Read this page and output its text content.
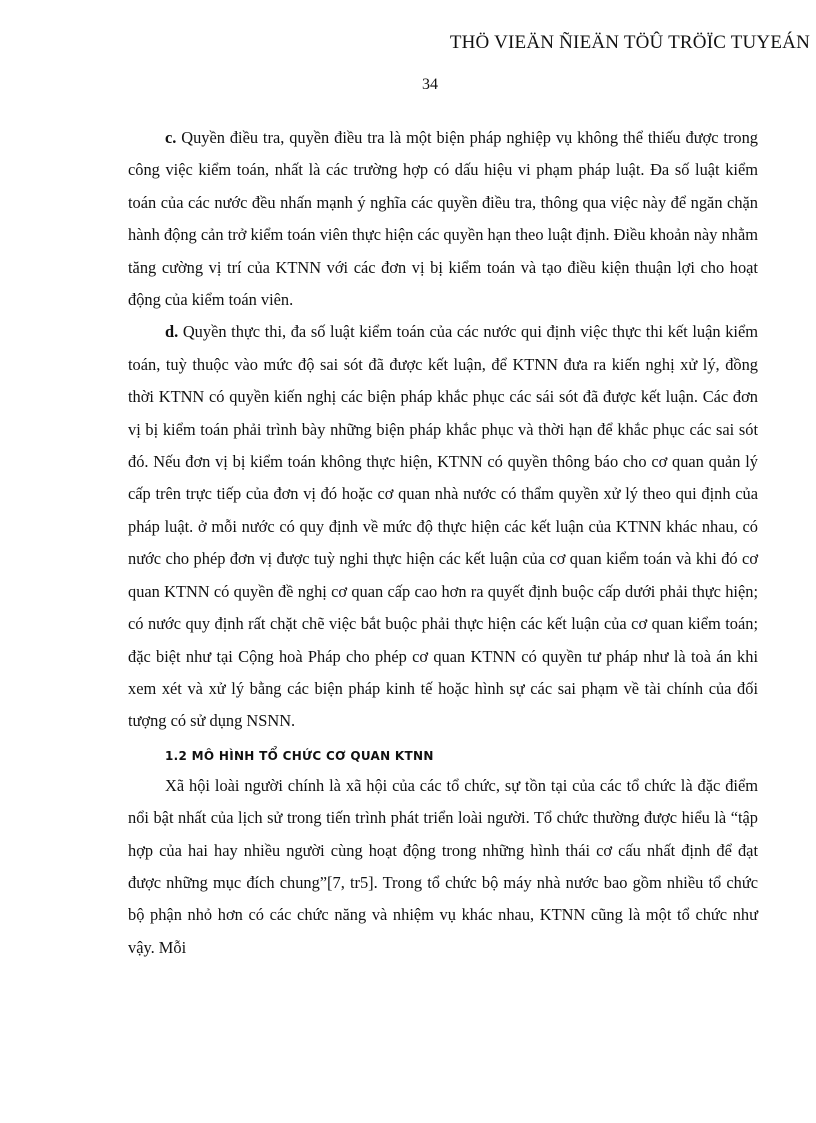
THÖ VIEÄN ÑIEÄN TÖÛ TRÖÏC TUYEÁN
34

c. Quyền điều tra, quyền điều tra là một biện pháp nghiệp vụ không thể thiếu được trong công việc kiểm toán, nhất là các trường hợp có dấu hiệu vi phạm pháp luật. Đa số luật kiểm toán của các nước đều nhấn mạnh ý nghĩa các quyền điều tra, thông qua việc này để ngăn chặn hành động cản trở kiểm toán viên thực hiện các quyền hạn theo luật định. Điều khoản này nhằm tăng cường vị trí của KTNN với các đơn vị bị kiểm toán và tạo điều kiện thuận lợi cho hoạt động của kiểm toán viên.

d. Quyền thực thi, đa số luật kiểm toán của các nước qui định việc thực thi kết luận kiểm toán, tuỳ thuộc vào mức độ sai sót đã được kết luận, để KTNN đưa ra kiến nghị xử lý, đồng thời KTNN có quyền kiến nghị các biện pháp khắc phục các sái sót đã được kết luận. Các đơn vị bị kiểm toán phải trình bày những biện pháp khắc phục và thời hạn để khắc phục các sai sót đó. Nếu đơn vị bị kiểm toán không thực hiện, KTNN có quyền thông báo cho cơ quan quản lý cấp trên trực tiếp của đơn vị đó hoặc cơ quan nhà nước có thẩm quyền xử lý theo qui định của pháp luật. ở mỗi nước có quy định về mức độ thực hiện các kết luận của KTNN khác nhau, có nước cho phép đơn vị được tuỳ nghi thực hiện các kết luận của cơ quan kiểm toán và khi đó cơ quan KTNN có quyền đề nghị cơ quan cấp cao hơn ra quyết định buộc cấp dưới phải thực hiện; có nước quy định rất chặt chẽ việc bắt buộc phải thực hiện các kết luận của cơ quan kiểm toán; đặc biệt như tại Cộng hoà Pháp cho phép cơ quan KTNN có quyền tư pháp như là toà án khi xem xét và xử lý bằng các biện pháp kinh tế hoặc hình sự các sai phạm về tài chính của đối tượng có sử dụng NSNN.

1.2 MÔ HÌNH TỔ CHỨC CƠ QUAN KTNN

Xã hội loài người chính là xã hội của các tổ chức, sự tồn tại của các tổ chức là đặc điểm nổi bật nhất của lịch sử trong tiến trình phát triển loài người. Tổ chức thường được hiểu là “tập hợp của hai hay nhiều người cùng hoạt động trong những hình thái cơ cấu nhất định để đạt được những mục đích chung”[7, tr5]. Trong tổ chức bộ máy nhà nước bao gồm nhiều tổ chức bộ phận nhỏ hơn có các chức năng và nhiệm vụ khác nhau, KTNN cũng là một tổ chức như vậy. Mỗi
